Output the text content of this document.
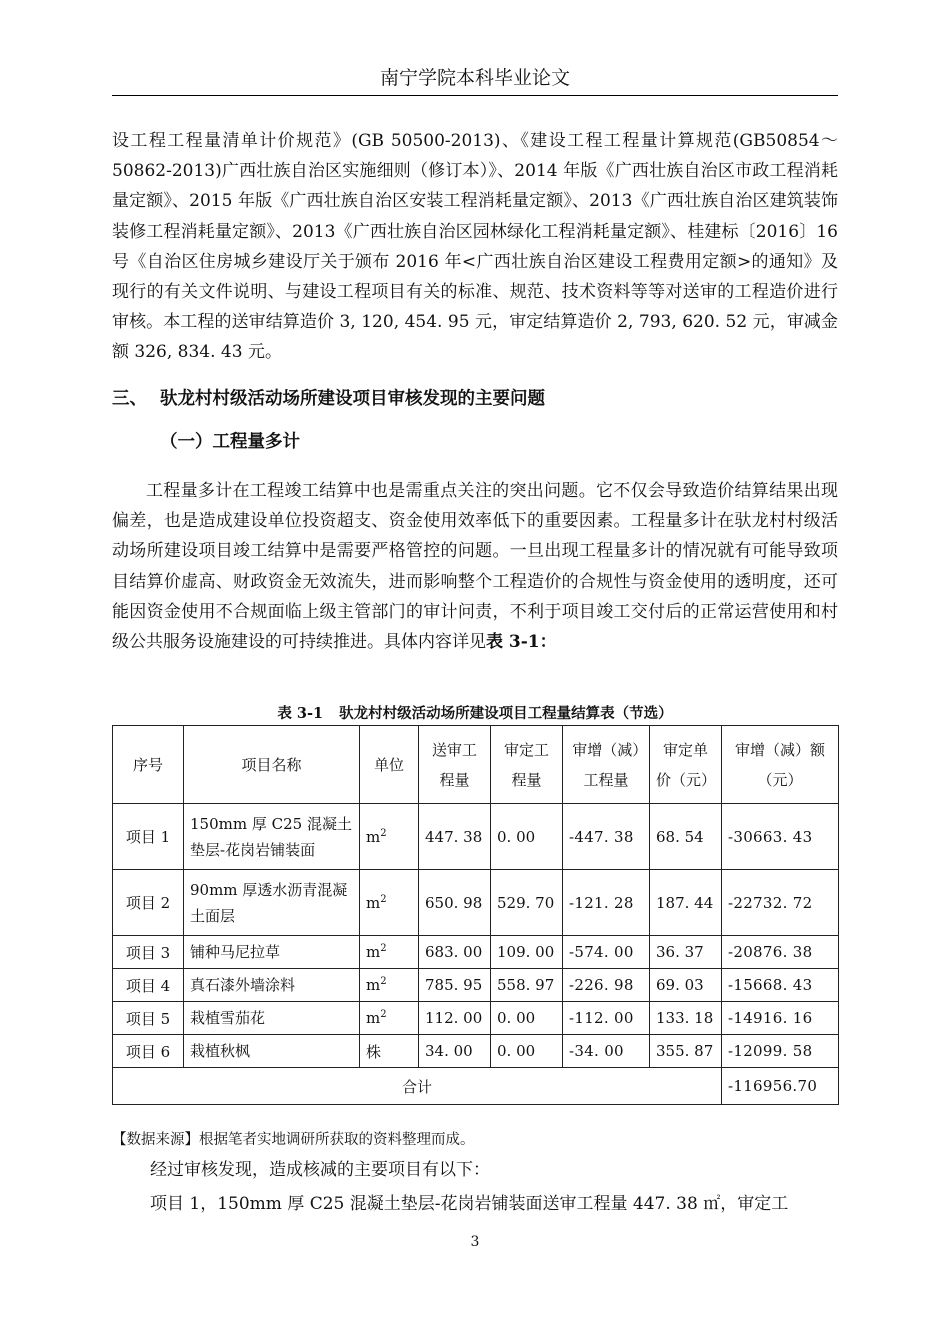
南宁学院本科毕业论文

设工程工程量清单计价规范》(GB 50500-2013)、《建设工程工程量计算规范(GB50854～50862-2013)广西壮族自治区实施细则（修订本）》、2014 年版《广西壮族自治区市政工程消耗量定额》、2015 年版《广西壮族自治区安装工程消耗量定额》、2013《广西壮族自治区建筑装饰装修工程消耗量定额》、2013《广西壮族自治区园林绿化工程消耗量定额》、桂建标〔2016〕16 号《自治区住房城乡建设厅关于颁布 2016 年<广西壮族自治区建设工程费用定额>的通知》及现行的有关文件说明、与建设工程项目有关的标准、规范、技术资料等等对送审的工程造价进行审核。本工程的送审结算造价 3, 120, 454. 95 元，审定结算造价 2, 793, 620. 52 元，审减金额 326, 834. 43 元。

三、 驮龙村村级活动场所建设项目审核发现的主要问题
（一）工程量多计

工程量多计在工程竣工结算中也是需重点关注的突出问题。它不仅会导致造价结算结果出现偏差，也是造成建设单位投资超支、资金使用效率低下的重要因素。工程量多计在驮龙村村级活动场所建设项目竣工结算中是需要严格管控的问题。一旦出现工程量多计的情况就有可能导致项目结算价虚高、财政资金无效流失，进而影响整个工程造价的合规性与资金使用的透明度，还可能因资金使用不合规面临上级主管部门的审计问责，不利于项目竣工交付后的正常运营使用和村级公共服务设施建设的可持续推进。具体内容详见表 3-1：

表 3-1 驮龙村村级活动场所建设项目工程量结算表（节选）
序号	项目名称	单位	送审工程量	审定工程量	审增（减）工程量	审定单价（元）	审增（减）额（元）
项目 1	150mm 厚 C25 混凝土垫层-花岗岩铺装面	$m^2$	447. 38	0. 00	-447. 38	68. 54	-30663. 43
项目 2	90mm 厚透水沥青混凝土面层	$m^2$	650. 98	529. 70	-121. 28	187. 44	-22732. 72
项目 3	铺种马尼拉草	$m^2$	683. 00	109. 00	-574. 00	36. 37	-20876. 38
项目 4	真石漆外墙涂料	$m^2$	785. 95	558. 97	-226. 98	69. 03	-15668. 43
项目 5	栽植雪茄花	$m^2$	112. 00	0. 00	-112. 00	133. 18	-14916. 16
项目 6	栽植秋枫	株	34. 00	0. 00	-34. 00	355. 87	-12099. 58
合计							-116956.70
【数据来源】根据笔者实地调研所获取的资料整理而成。
经过审核发现，造成核减的主要项目有以下：
项目 1，150mm 厚 C25 混凝土垫层-花岗岩铺装面送审工程量 447. 38 ㎡，审定工
3
